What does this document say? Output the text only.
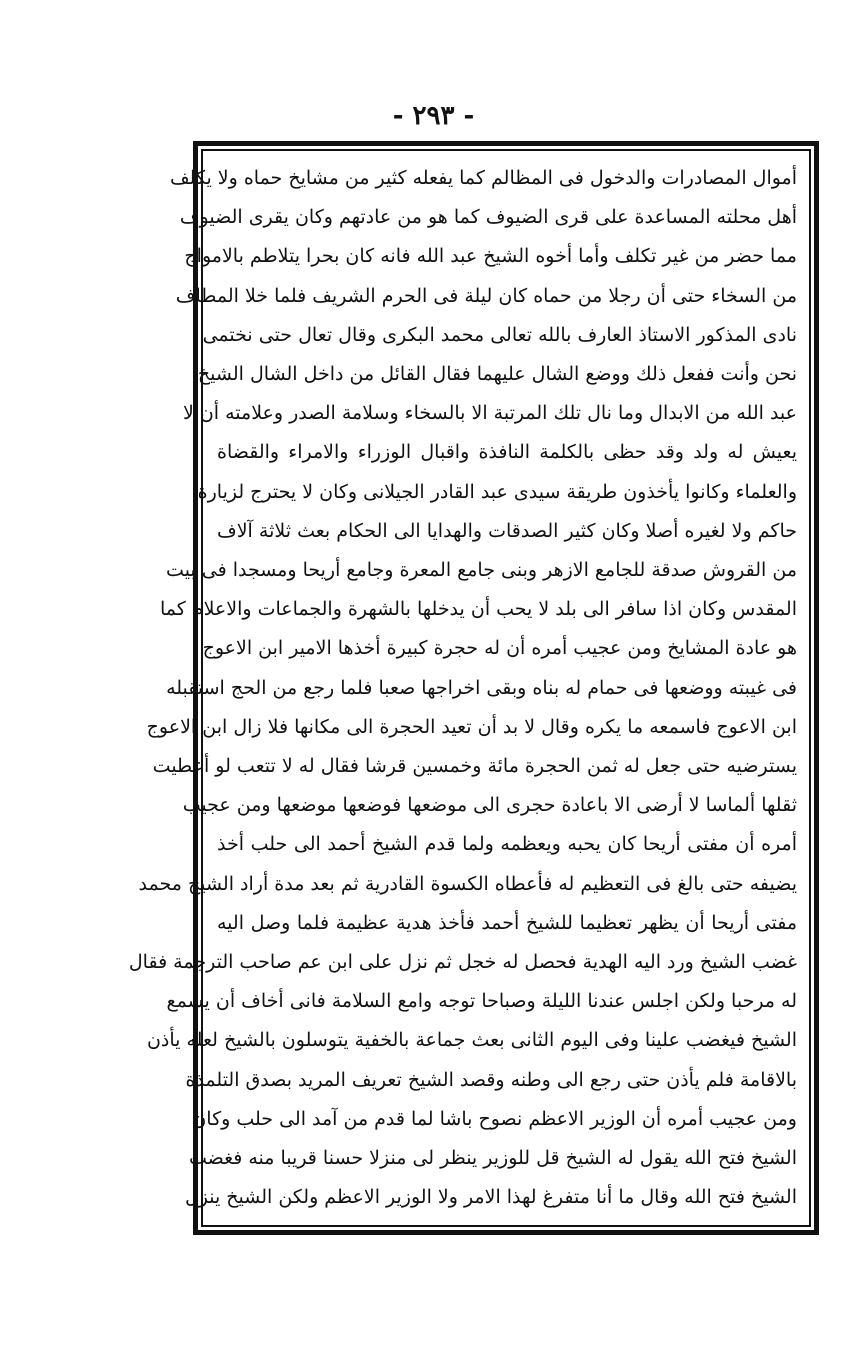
- ٢٩٣ -
أموال المصادرات والدخول فى المظالم كما يفعله كثير من مشايخ حماه ولا يكلف
أهل محلته المساعدة على قرى الضيوف كما هو من عادتهم وكان يقرى الضيوف
مما حضر من غير تكلف وأما أخوه الشيخ عبد الله فانه كان بحرا يتلاطم بالامواج
من السخاء حتى أن رجلا من حماه كان ليلة فى الحرم الشريف فلما خلا المطاف
نادى المذكور الاستاذ العارف بالله تعالى محمد البكرى وقال تعال حتى نختمى
نحن وأنت ففعل ذلك ووضع الشال عليهما فقال القائل من داخل الشال الشيخ
عبد الله من الابدال وما نال تلك المرتبة الا بالسخاء وسلامة الصدر وعلامته أن لا
يعيش له ولد وقد حظى بالكلمة النافذة واقبال الوزراء والامراء والقضاة
والعلماء وكانوا يأخذون طريقة سيدى عبد القادر الجيلانى وكان لا يحترج لزيارة
حاكم ولا لغيره أصلا وكان كثير الصدقات والهدايا الى الحكام بعث ثلاثة آلاف
من القروش صدقة للجامع الازهر وبنى جامع المعرة وجامع أريحا ومسجدا فى بيت
المقدس وكان اذا سافر الى بلد لا يحب أن يدخلها بالشهرة والجماعات والاعلام كما
هو عادة المشايخ ومن عجيب أمره أن له حجرة كبيرة أخذها الامير ابن الاعوج
فى غيبته ووضعها فى حمام له بناه وبقى اخراجها صعبا فلما رجع من الحج استقبله
ابن الاعوج فاسمعه ما يكره وقال لا بد أن تعيد الحجرة الى مكانها فلا زال ابن الاعوج
يسترضيه حتى جعل له ثمن الحجرة مائة وخمسين قرشا فقال له لا تتعب لو أعطيت
ثقلها ألماسا لا أرضى الا باعادة حجرى الى موضعها فوضعها موضعها ومن عجيب
أمره أن مفتى أريحا كان يحبه ويعظمه ولما قدم الشيخ أحمد الى حلب أخذ
يضيفه حتى بالغ فى التعظيم له فأعطاه الكسوة القادرية ثم بعد مدة أراد الشيخ محمد
مفتى أريحا أن يظهر تعظيما للشيخ أحمد فأخذ هدية عظيمة فلما وصل اليه
غضب الشيخ ورد اليه الهدية فحصل له خجل ثم نزل على ابن عم صاحب الترجمة فقال
له مرحبا ولكن اجلس عندنا الليلة وصباحا توجه وامع السلامة فانى أخاف أن يسمع
الشيخ فيغضب علينا وفى اليوم الثانى بعث جماعة بالخفية يتوسلون بالشيخ لعله يأذن
بالاقامة فلم يأذن حتى رجع الى وطنه وقصد الشيخ تعريف المريد بصدق التلمذة
ومن عجيب أمره أن الوزير الاعظم نصوح باشا لما قدم من آمد الى حلب وكان
الشيخ فتح الله يقول له الشيخ قل للوزير ينظر لى منزلا حسنا قريبا منه فغضب
الشيخ فتح الله وقال ما أنا متفرغ لهذا الامر ولا الوزير الاعظم ولكن الشيخ ينزل
